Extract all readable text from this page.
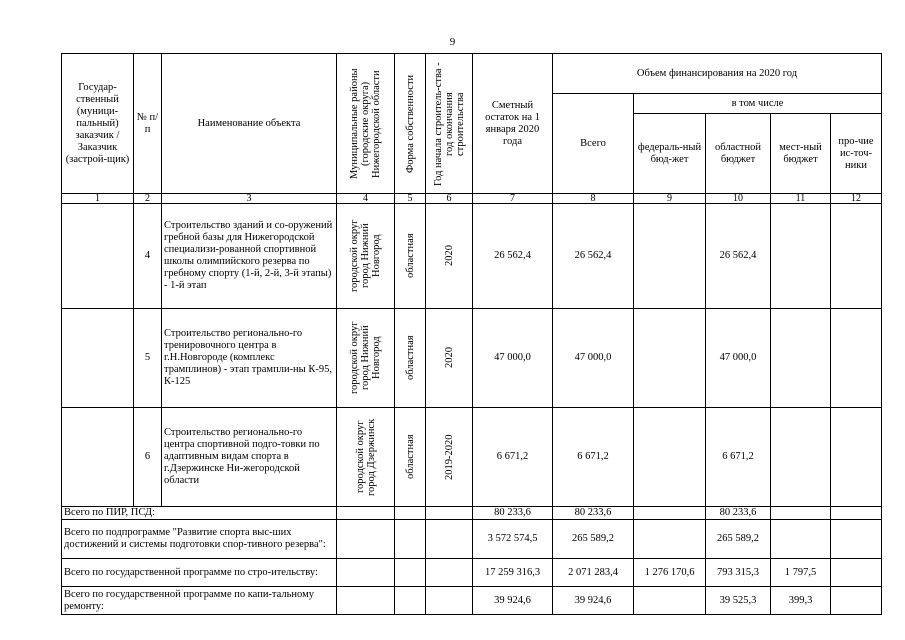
9
Государ-ственный (муници-пальный) заказчик / Заказчик (застрой-щик)	№ п/п	Наименование объекта	Муниципальные районы (городские округа) Нижегородской области	Форма собственности	Год начала строитель-ства - год окончания строительства	Сметный остаток на 1 января 2020 года	Объем финансирования на 2020 год				
							Всего	в том числе			
								федераль-ный бюд-жет	областной бюджет	мест-ный бюджет	про-чие ис-точ-ники
1	2	3	4	5	6	7	8	9	10	11	12
	4	Строительство зданий и со-оружений гребной базы для Нижегородской специализи-рованной спортивной школы олимпийского резерва по гребному спорту (1-й, 2-й, 3-й этапы) - 1-й этап	городской округ город Нижний Новгород	областная	2020	26 562,4	26 562,4		26 562,4		
	5	Строительство регионально-го тренировочного центра в г.Н.Новгороде (комплекс трамплинов) - этап трампли-ны К-95, К-125	городской округ город Нижний Новгород	областная	2020	47 000,0	47 000,0		47 000,0		
	6	Строительство регионально-го центра спортивной подго-товки по адаптивным видам спорта в г.Дзержинске Ни-жегородской области	городской округ город Дзержинск	областная	2019-2020	6 671,2	6 671,2		6 671,2		
Всего по ПИР, ПСД:						80 233,6	80 233,6		80 233,6		
Всего по подпрограмме "Развитие спорта выс-ших достижений и системы подготовки спор-тивного резерва":						3 572 574,5	265 589,2		265 589,2		
Всего по государственной программе по стро-ительству:						17 259 316,3	2 071 283,4	1 276 170,6	793 315,3	1 797,5	
Всего по государственной программе по капи-тальному ремонту:						39 924,6	39 924,6		39 525,3	399,3	
